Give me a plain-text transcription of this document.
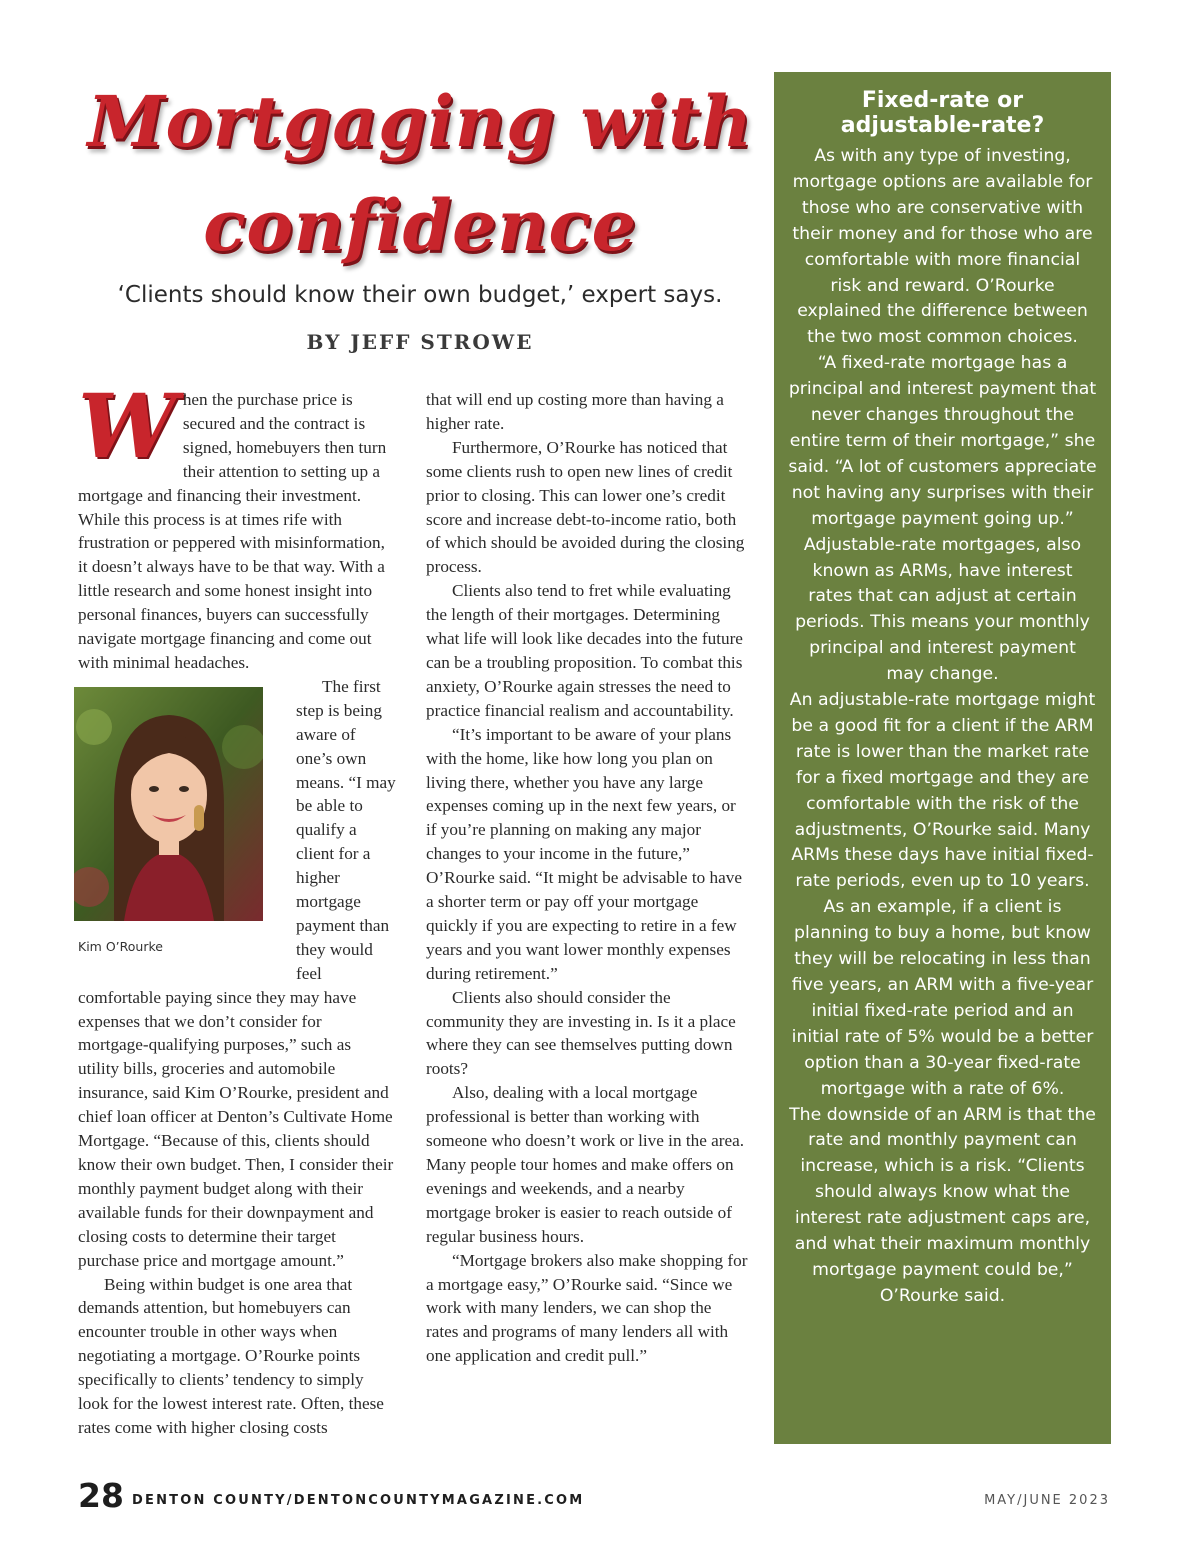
Mortgaging with
confidence
‘Clients should know their own budget,’ expert says.
BY JEFF STROWE

When the purchase price is secured and the contract is signed, homebuyers then turn their attention to setting up a mortgage and financing their investment. While this process is at times rife with frustration or peppered with misinformation, it doesn’t always have to be that way. With a little research and some honest insight into personal finances, buyers can successfully navigate mortgage financing and come out with minimal headaches.

Kim O’Rourke

The first step is being aware of one’s own means. “I may be able to qualify a client for a higher mortgage payment than they would feel comfortable paying since they may have expenses that we don’t consider for mortgage-qualifying purposes,” such as utility bills, groceries and automobile insurance, said Kim O’Rourke, president and chief loan officer at Denton’s Cultivate Home Mortgage. “Because of this, clients should know their own budget. Then, I consider their monthly payment budget along with their available funds for their downpayment and closing costs to determine their target purchase price and mortgage amount.”

Being within budget is one area that demands attention, but homebuyers can encounter trouble in other ways when negotiating a mortgage. O’Rourke points specifically to clients’ tendency to simply look for the lowest interest rate. Often, these rates come with higher closing costs

that will end up costing more than having a higher rate.

Furthermore, O’Rourke has noticed that some clients rush to open new lines of credit prior to closing. This can lower one’s credit score and increase debt-to-income ratio, both of which should be avoided during the closing process.

Clients also tend to fret while evaluating the length of their mortgages. Determining what life will look like decades into the future can be a troubling proposition. To combat this anxiety, O’Rourke again stresses the need to practice financial realism and accountability.

“It’s important to be aware of your plans with the home, like how long you plan on living there, whether you have any large expenses coming up in the next few years, or if you’re planning on making any major changes to your income in the future,” O’Rourke said. “It might be advisable to have a shorter term or pay off your mortgage quickly if you are expecting to retire in a few years and you want lower monthly expenses during retirement.”

Clients also should consider the community they are investing in. Is it a place where they can see themselves putting down roots?

Also, dealing with a local mortgage professional is better than working with someone who doesn’t work or live in the area. Many people tour homes and make offers on evenings and weekends, and a nearby mortgage broker is easier to reach outside of regular business hours.

“Mortgage brokers also make shopping for a mortgage easy,” O’Rourke said. “Since we work with many lenders, we can shop the rates and programs of many lenders all with one application and credit pull.”

Fixed-rate or adjustable-rate?

As with any type of investing, mortgage options are available for those who are conservative with their money and for those who are comfortable with more financial risk and reward. O’Rourke explained the difference between the two most common choices.

“A fixed-rate mortgage has a principal and interest payment that never changes throughout the entire term of their mortgage,” she said. “A lot of customers appreciate not having any surprises with their mortgage payment going up.”

Adjustable-rate mortgages, also known as ARMs, have interest rates that can adjust at certain periods. This means your monthly principal and interest payment may change.

An adjustable-rate mortgage might be a good fit for a client if the ARM rate is lower than the market rate for a fixed mortgage and they are comfortable with the risk of the adjustments, O’Rourke said. Many ARMs these days have initial fixed-rate periods, even up to 10 years.

As an example, if a client is planning to buy a home, but know they will be relocating in less than five years, an ARM with a five-year initial fixed-rate period and an initial rate of 5% would be a better option than a 30-year fixed-rate mortgage with a rate of 6%.

The downside of an ARM is that the rate and monthly payment can increase, which is a risk. “Clients should always know what the interest rate adjustment caps are, and what their maximum monthly mortgage payment could be,” O’Rourke said.

28 DENTON COUNTY/DENTONCOUNTYMAGAZINE.COM	MAY/JUNE 2023
